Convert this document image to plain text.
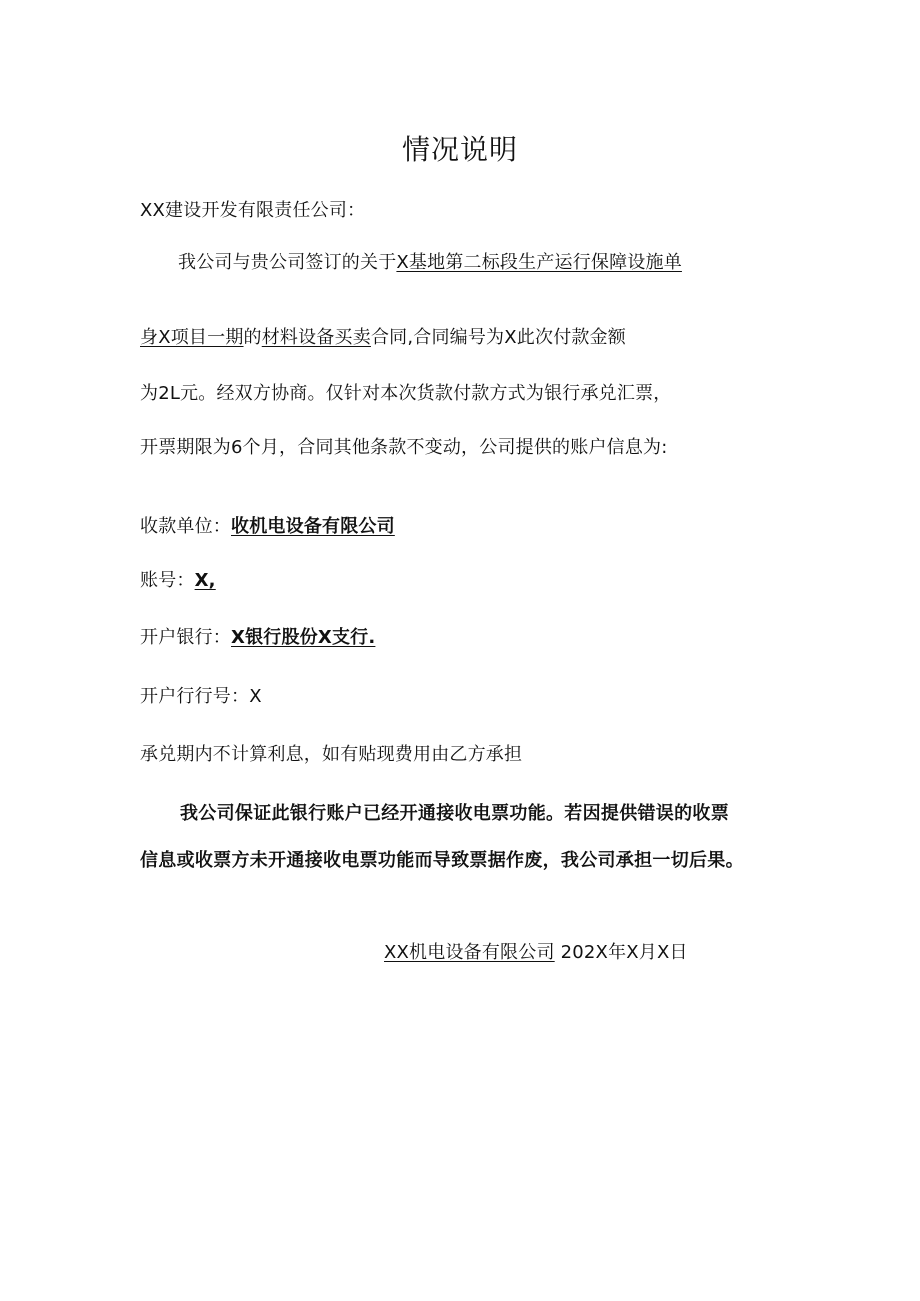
情况说明
XX建设开发有限责任公司：
我公司与贵公司签订的关于X基地第二标段生产运行保障设施单
身X项目一期的材料设备买卖合同,合同编号为X此次付款金额
为2L元。经双方协商。仅针对本次货款付款方式为银行承兑汇票，
开票期限为6个月，合同其他条款不变动，公司提供的账户信息为:
收款单位：收机电设备有限公司
账号：X,
开户银行：X银行股份X支行.
开户行行号：X
承兑期内不计算利息，如有贴现费用由乙方承担
我公司保证此银行账户已经开通接收电票功能。若因提供错误的收票
信息或收票方未开通接收电票功能而导致票据作废，我公司承担一切后果。
XX机电设备有限公司 202X年X月X日
